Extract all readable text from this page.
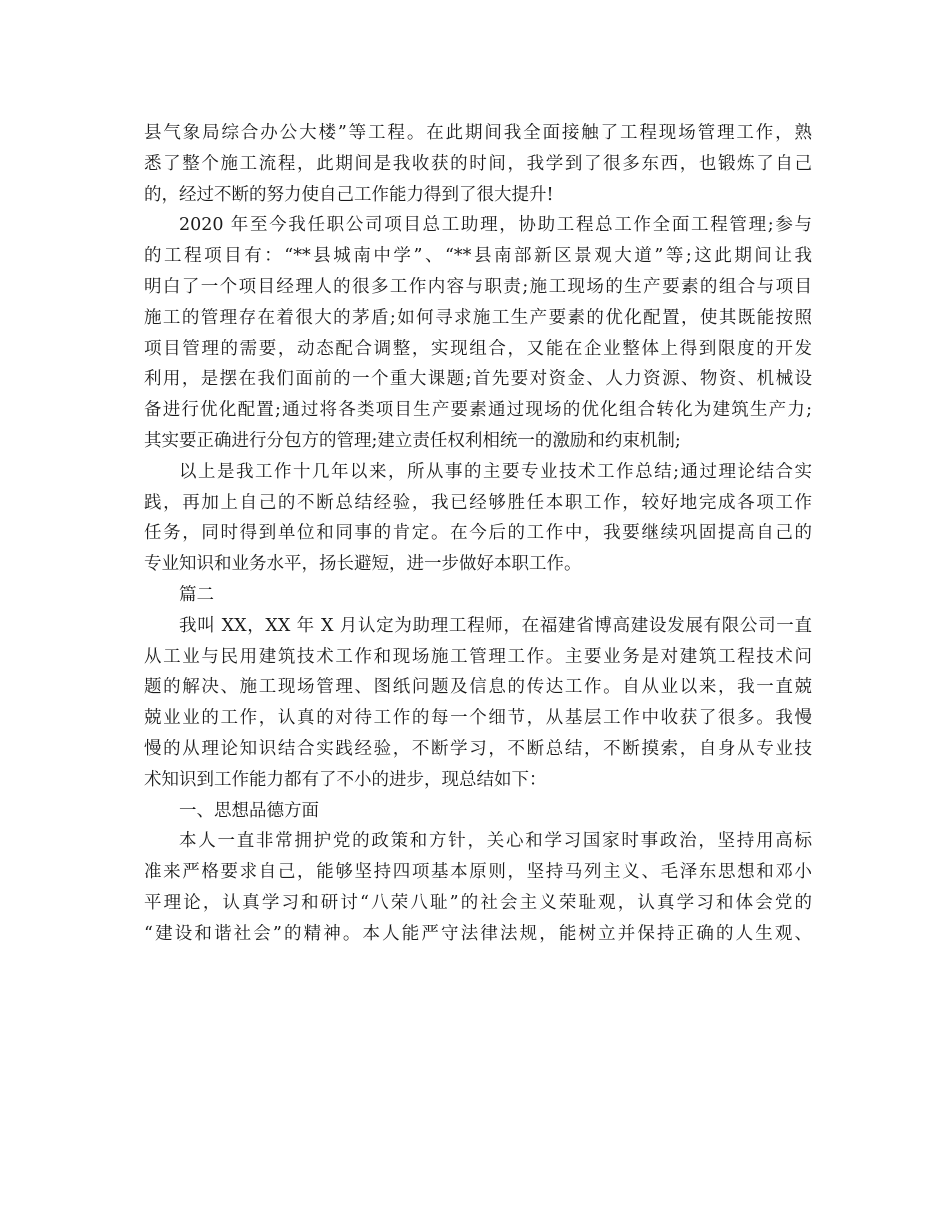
县气象局综合办公大楼”等工程。在此期间我全面接触了工程现场管理工作，熟
悉了整个施工流程，此期间是我收获的时间，我学到了很多东西，也锻炼了自己
的，经过不断的努力使自己工作能力得到了很大提升!
2020 年至今我任职公司项目总工助理，协助工程总工作全面工程管理;参与
的工程项目有：“**县城南中学”、“**县南部新区景观大道”等;这此期间让我
明白了一个项目经理人的很多工作内容与职责;施工现场的生产要素的组合与项目
施工的管理存在着很大的茅盾;如何寻求施工生产要素的优化配置，使其既能按照
项目管理的需要，动态配合调整，实现组合，又能在企业整体上得到限度的开发
利用，是摆在我们面前的一个重大课题;首先要对资金、人力资源、物资、机械设
备进行优化配置;通过将各类项目生产要素通过现场的优化组合转化为建筑生产力;
其实要正确进行分包方的管理;建立责任权利相统一的激励和约束机制;
以上是我工作十几年以来，所从事的主要专业技术工作总结;通过理论结合实
践，再加上自己的不断总结经验，我已经够胜任本职工作，较好地完成各项工作
任务，同时得到单位和同事的肯定。在今后的工作中，我要继续巩固提高自己的
专业知识和业务水平，扬长避短，进一步做好本职工作。
篇二
我叫 XX，XX 年 X 月认定为助理工程师，在福建省博高建设发展有限公司一直
从工业与民用建筑技术工作和现场施工管理工作。主要业务是对建筑工程技术问
题的解决、施工现场管理、图纸问题及信息的传达工作。自从业以来，我一直兢
兢业业的工作，认真的对待工作的每一个细节，从基层工作中收获了很多。我慢
慢的从理论知识结合实践经验，不断学习，不断总结，不断摸索，自身从专业技
术知识到工作能力都有了不小的进步，现总结如下：
一、思想品德方面
本人一直非常拥护党的政策和方针，关心和学习国家时事政治，坚持用高标
准来严格要求自己，能够坚持四项基本原则，坚持马列主义、毛泽东思想和邓小
平理论，认真学习和研讨“八荣八耻”的社会主义荣耻观，认真学习和体会党的
“建设和谐社会”的精神。本人能严守法律法规，能树立并保持正确的人生观、
